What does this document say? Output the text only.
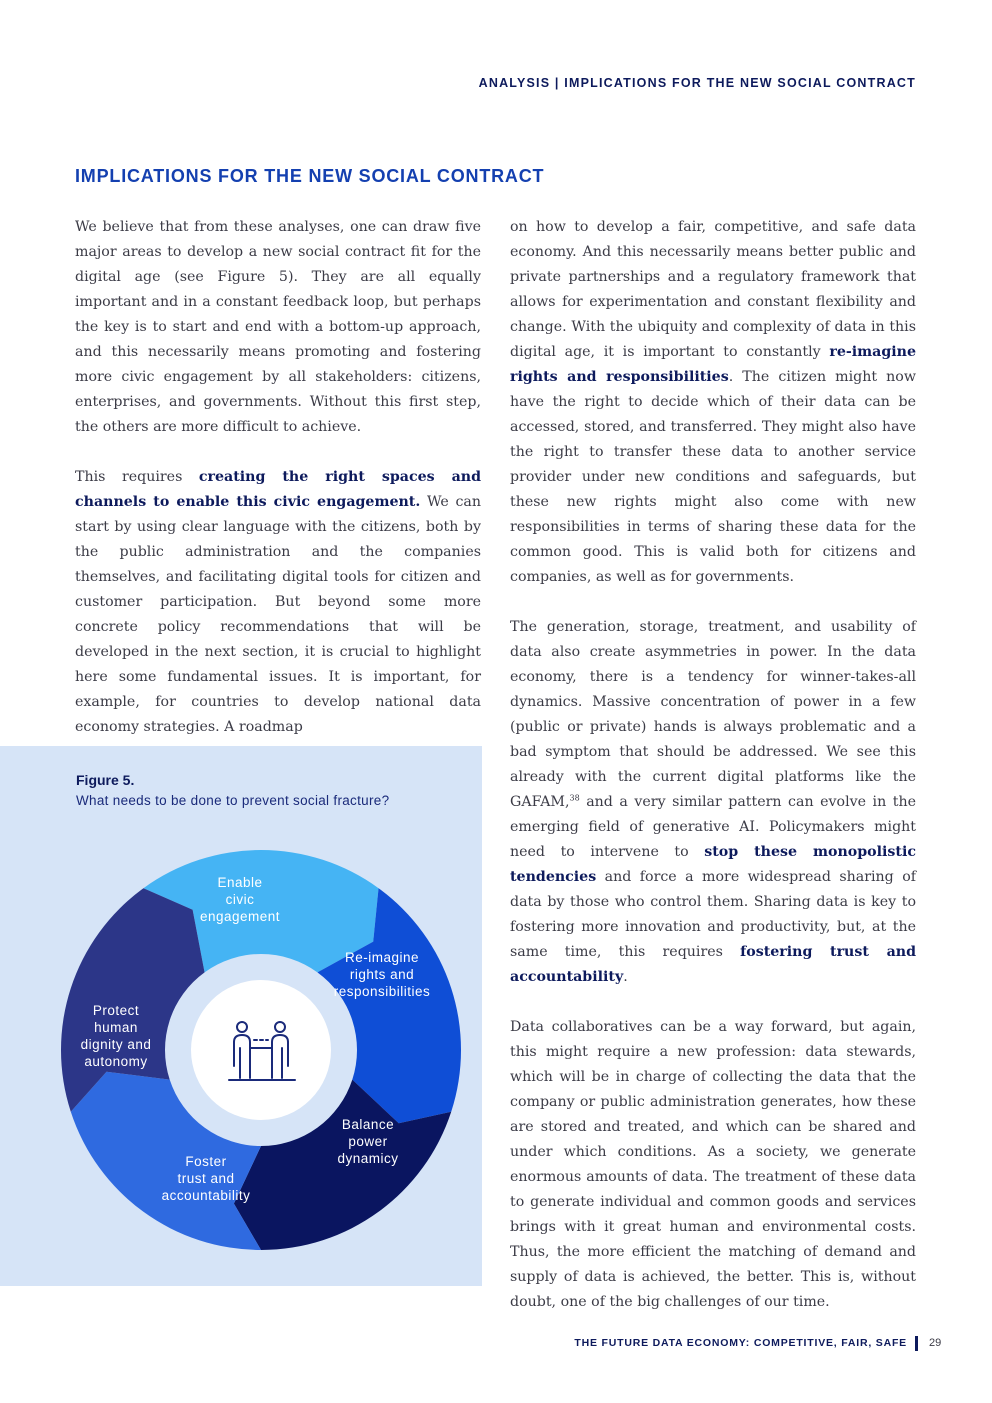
ANALYSIS | IMPLICATIONS FOR THE NEW SOCIAL CONTRACT
IMPLICATIONS FOR THE NEW SOCIAL CONTRACT

We believe that from these analyses, one can draw five major areas to develop a new social contract fit for the digital age (see Figure 5). They are all equally important and in a constant feedback loop, but perhaps the key is to start and end with a bottom-up approach, and this necessarily means promoting and fostering more civic engagement by all stakeholders: citizens, enterprises, and governments. Without this first step, the others are more difficult to achieve.

This requires creating the right spaces and channels to enable this civic engagement. We can start by using clear language with the citizens, both by the public administration and the companies themselves, and facilitating digital tools for citizen and customer participation. But beyond some more concrete policy recommendations that will be developed in the next section, it is crucial to highlight here some fundamental issues. It is important, for example, for countries to develop national data economy strategies. A roadmap

on how to develop a fair, competitive, and safe data economy. And this necessarily means better public and private partnerships and a regulatory framework that allows for experimentation and constant flexibility and change. With the ubiquity and complexity of data in this digital age, it is important to constantly re-imagine rights and responsibilities. The citizen might now have the right to decide which of their data can be accessed, stored, and transferred. They might also have the right to transfer these data to another service provider under new conditions and safeguards, but these new rights might also come with new responsibilities in terms of sharing these data for the common good. This is valid both for citizens and companies, as well as for governments.

The generation, storage, treatment, and usability of data also create asymmetries in power. In the data economy, there is a tendency for winner-takes-all dynamics. Massive concentration of power in a few (public or private) hands is always problematic and a bad symptom that should be addressed. We see this already with the current digital platforms like the GAFAM,$^{38}$ and a very similar pattern can evolve in the emerging field of generative AI. Policymakers might need to intervene to stop these monopolistic tendencies and force a more widespread sharing of data by those who control them. Sharing data is key to fostering more innovation and productivity, but, at the same time, this requires fostering trust and accountability.

Data collaboratives can be a way forward, but again, this might require a new profession: data stewards, which will be in charge of collecting the data that the company or public administration generates, how these are stored and treated, and which can be shared and under which conditions. As a society, we generate enormous amounts of data. The treatment of these data to generate individual and common goods and services brings with it great human and environmental costs. Thus, the more efficient the matching of demand and supply of data is achieved, the better. This is, without doubt, one of the big challenges of our time.

Figure 5.
What needs to be done to prevent social fracture?
Enable civic engagement
Re-imagine rights and responsibilities
Balance power dynamicy
Foster trust and accountability
Protect human dignity and autonomy
THE FUTURE DATA ECONOMY: COMPETITIVE, FAIR, SAFE 29
